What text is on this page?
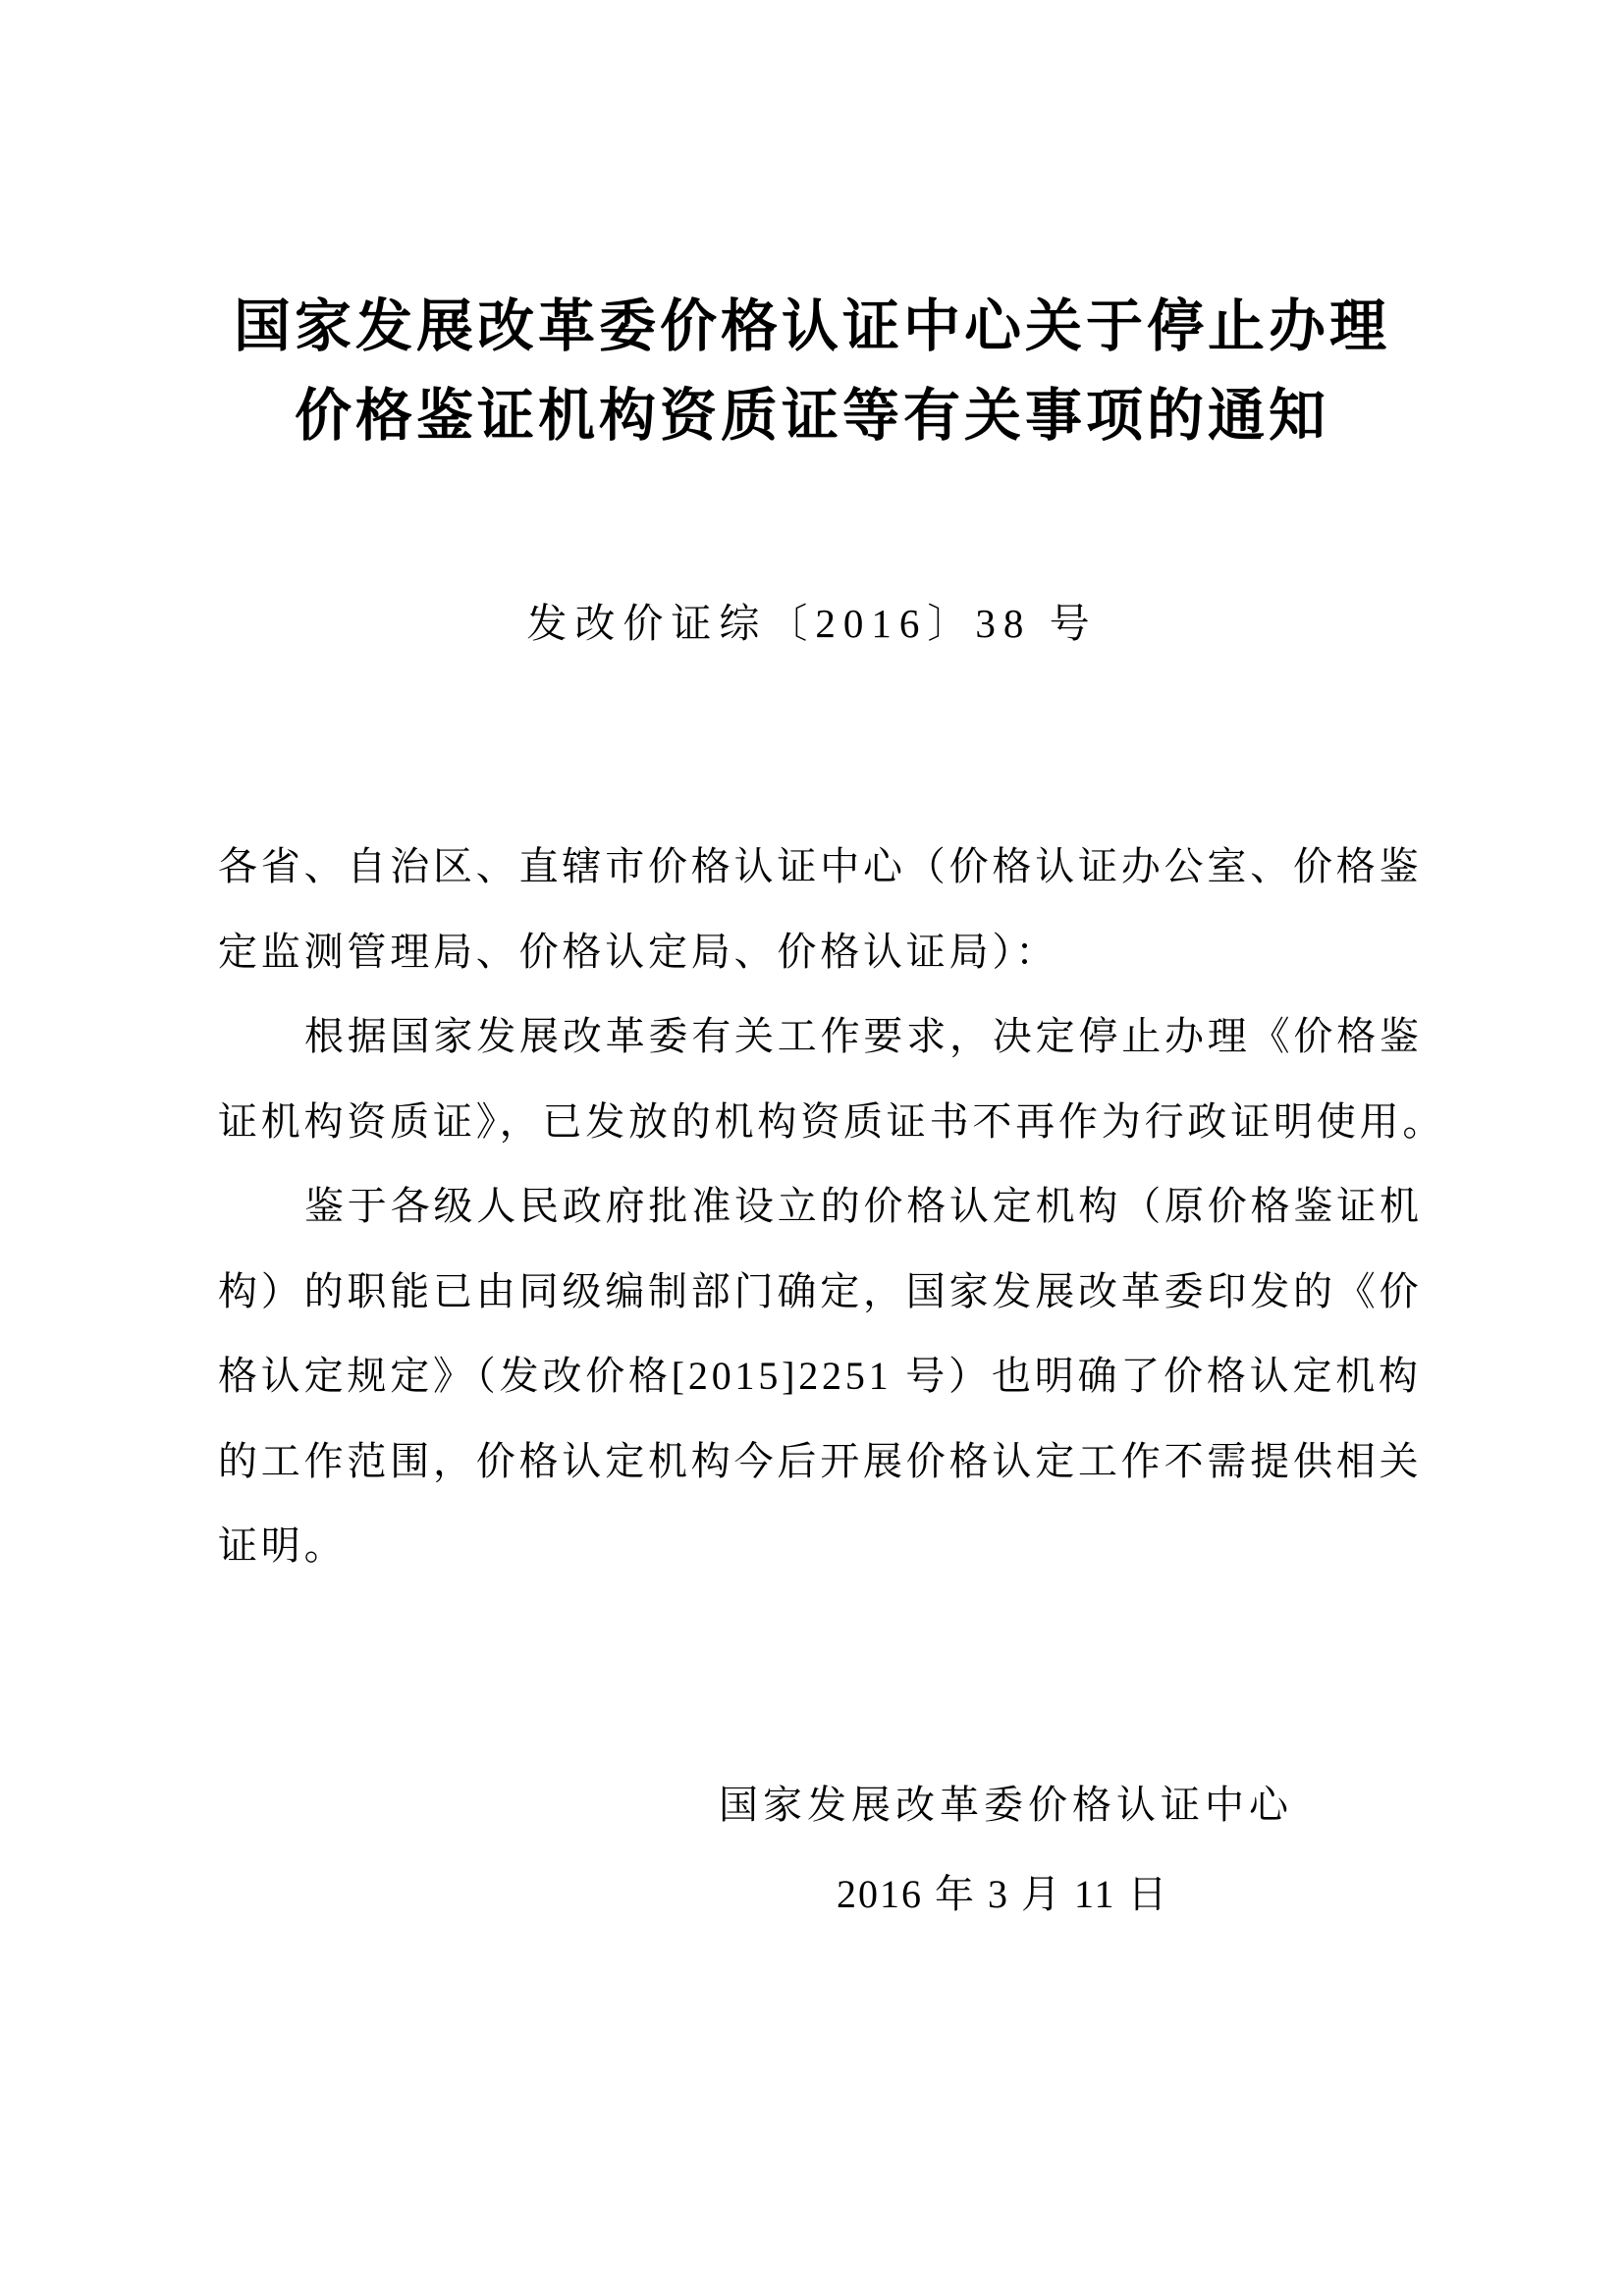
国家发展改革委价格认证中心关于停止办理
价格鉴证机构资质证等有关事项的通知
发改价证综〔2016〕38 号
各省、自治区、直辖市价格认证中心（价格认证办公室、价格鉴
定监测管理局、价格认定局、价格认证局）：
根据国家发展改革委有关工作要求，决定停止办理《价格鉴
证机构资质证》，已发放的机构资质证书不再作为行政证明使用。
鉴于各级人民政府批准设立的价格认定机构（原价格鉴证机
构）的职能已由同级编制部门确定，国家发展改革委印发的《价
格认定规定》（发改价格[2015]2251 号）也明确了价格认定机构
的工作范围，价格认定机构今后开展价格认定工作不需提供相关
证明。
国家发展改革委价格认证中心
2016 年 3 月 11 日
